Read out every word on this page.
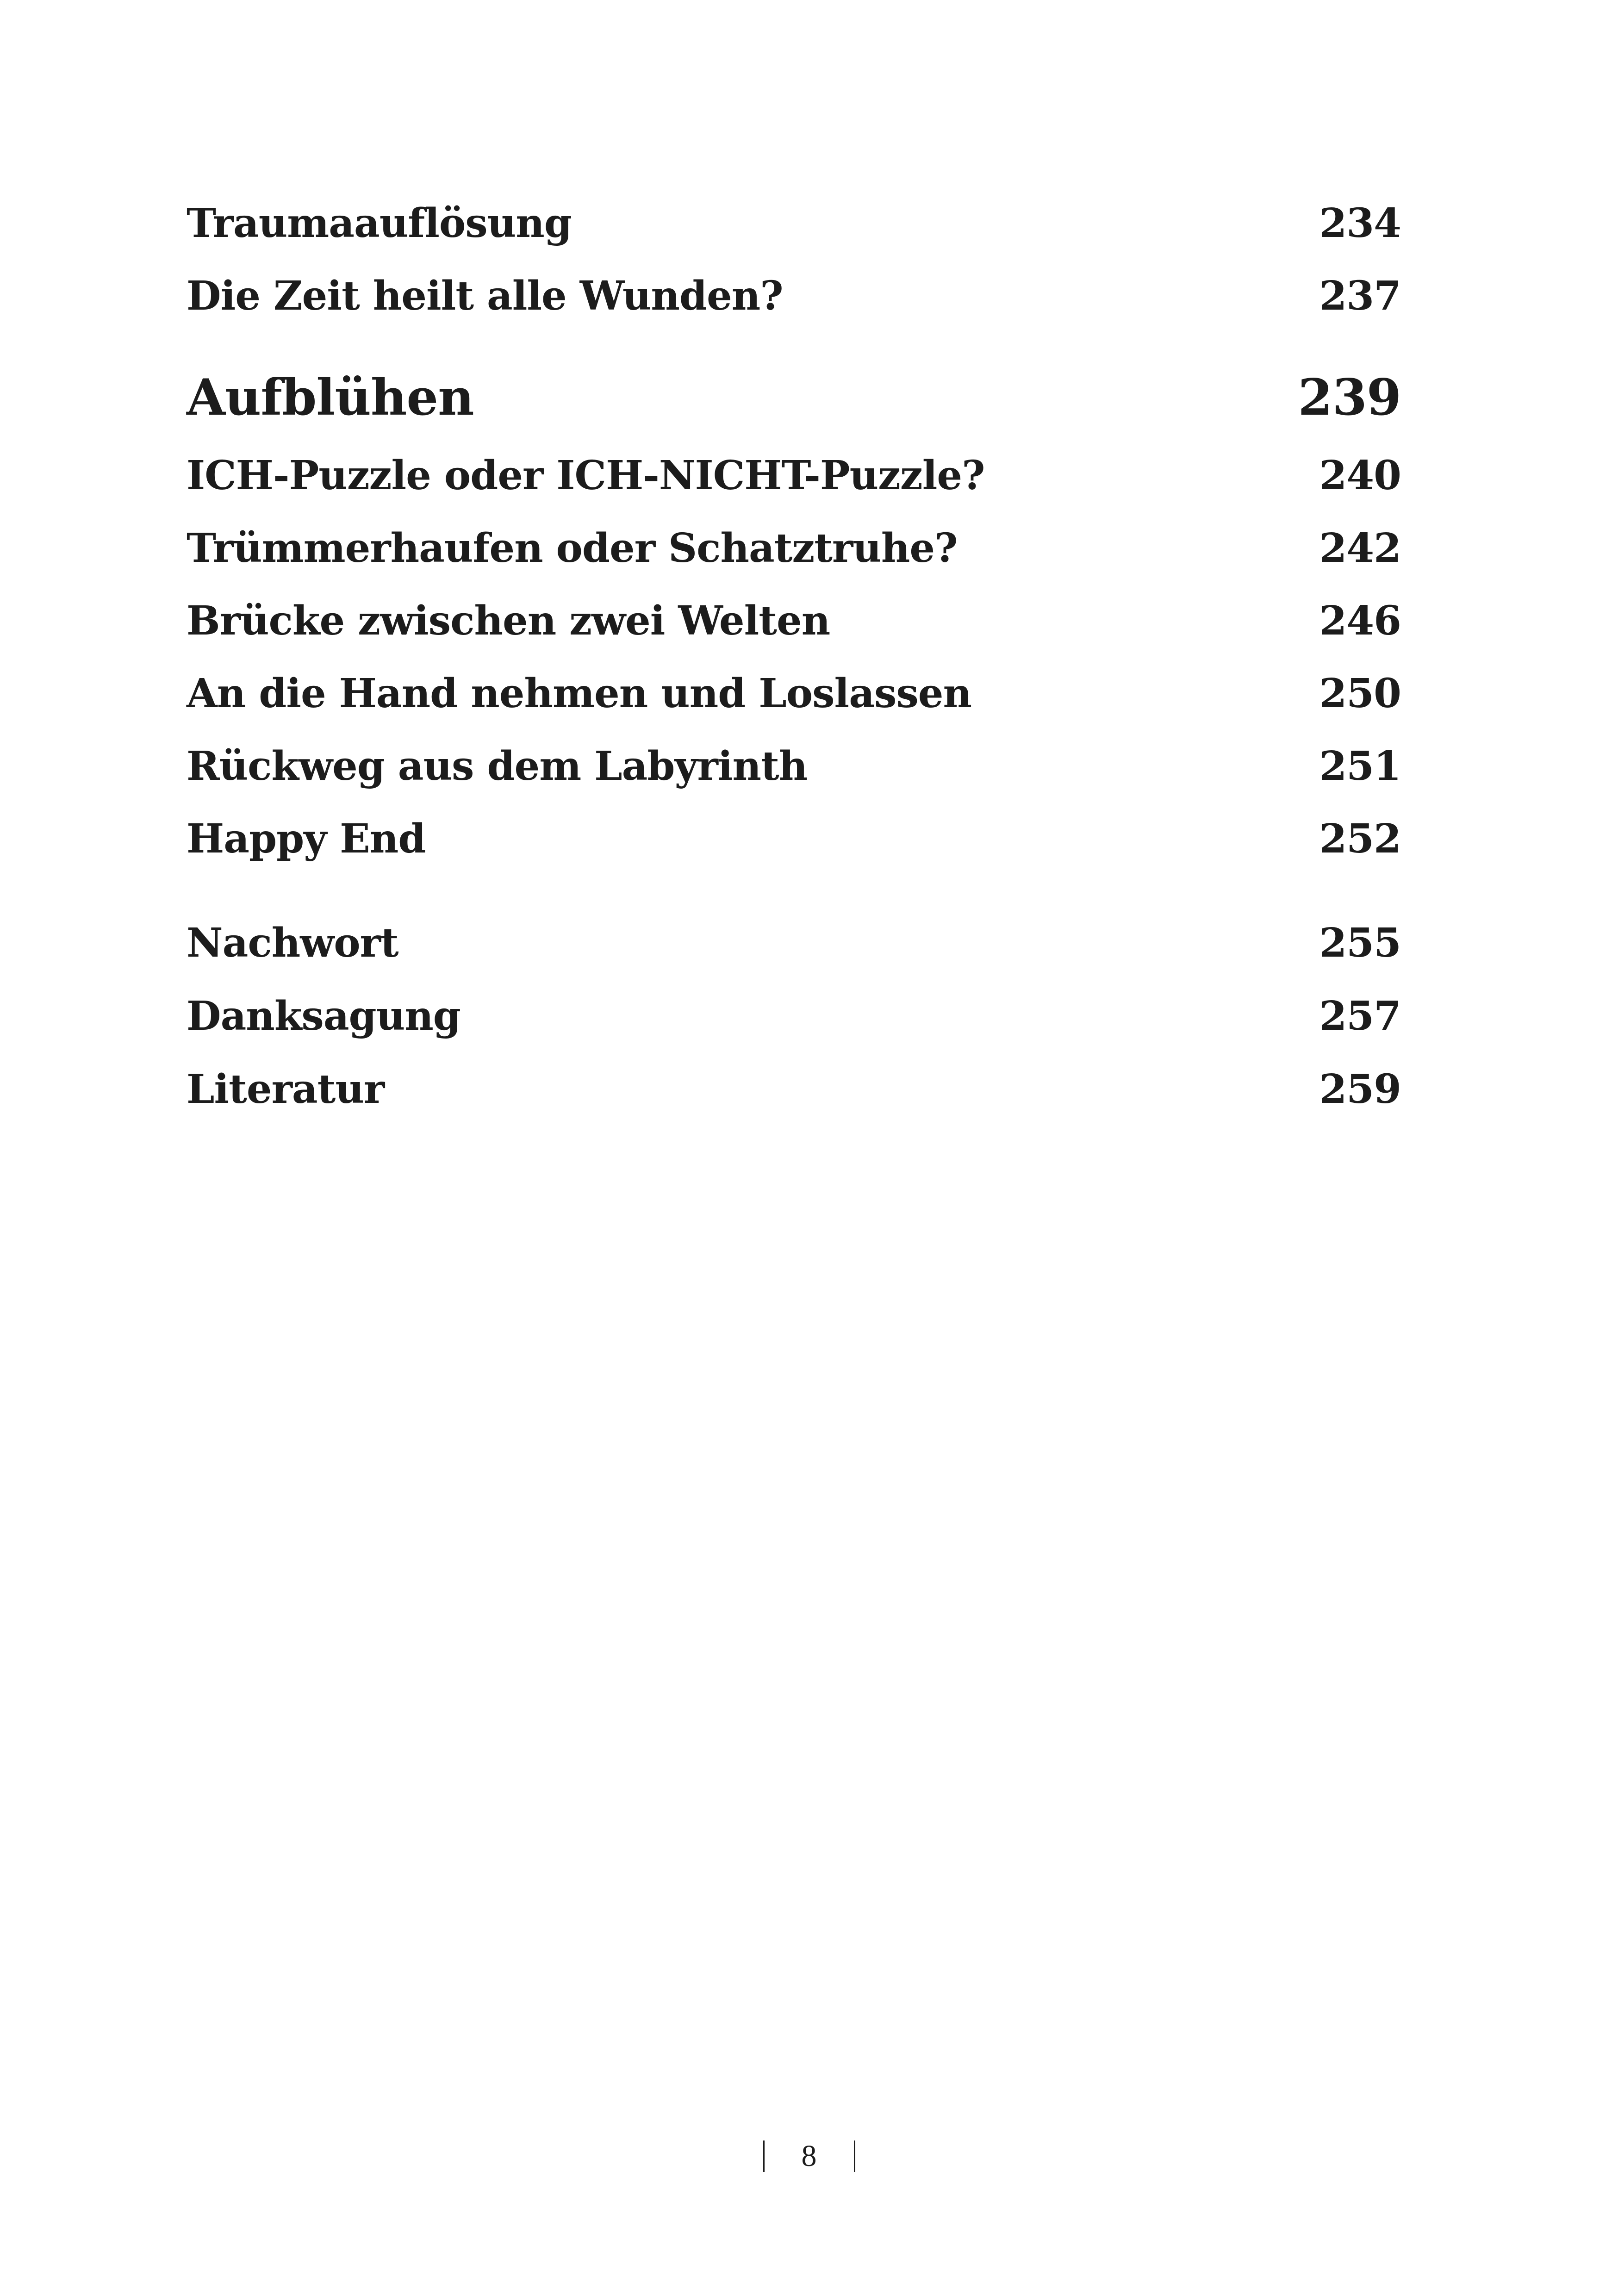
Traumaauflösung	234
Die Zeit heilt alle Wunden?	237
Aufblühen	239
ICH-Puzzle oder ICH-NICHT-Puzzle?	240
Trümmerhaufen oder Schatztruhe?	242
Brücke zwischen zwei Welten	246
An die Hand nehmen und Loslassen	250
Rückweg aus dem Labyrinth	251
Happy End	252
Nachwort	255
Danksagung	257
Literatur	259
8
